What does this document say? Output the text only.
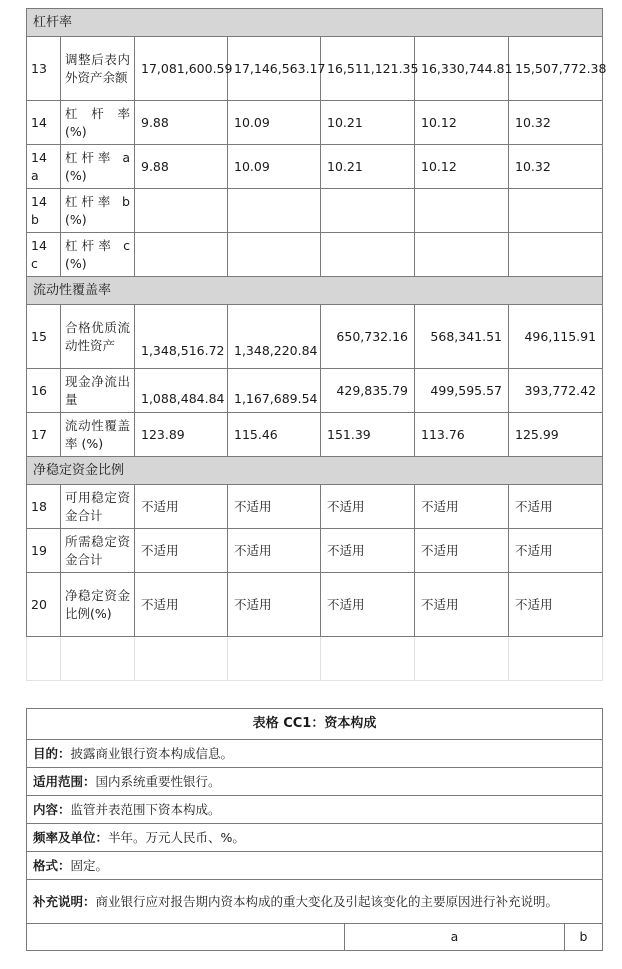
杠杆率						
13	调整后表内外资产余额	17,081,600.59	17,146,563.17	16,511,121.35	16,330,744.81	15,507,772.38
14	杠 杆 率(%)	9.88	10.09	10.21	10.12	10.32
14 a	杠杆率 a (%)	9.88	10.09	10.21	10.12	10.32
14 b	杠杆率 b (%)					
14 c	杠杆率 c (%)					
流动性覆盖率						
15	合格优质流动性资产	1,348,516.72	1,348,220.84	650,732.16	568,341.51	496,115.91
16	现金净流出量	1,088,484.84	1,167,689.54	429,835.79	499,595.57	393,772.42
17	流动性覆盖率 (%)	123.89	115.46	151.39	113.76	125.99
净稳定资金比例						
18	可用稳定资金合计	不适用	不适用	不适用	不适用	不适用
19	所需稳定资金合计	不适用	不适用	不适用	不适用	不适用
20	净稳定资金比例(%)	不适用	不适用	不适用	不适用	不适用

表格 CC1：资本构成
目的：披露商业银行资本构成信息。
适用范围：国内系统重要性银行。
内容：监管并表范围下资本构成。
频率及单位：半年。万元人民币、%。
格式：固定。
补充说明：商业银行应对报告期内资本构成的重大变化及引起该变化的主要原因进行补充说明。
	a	b
